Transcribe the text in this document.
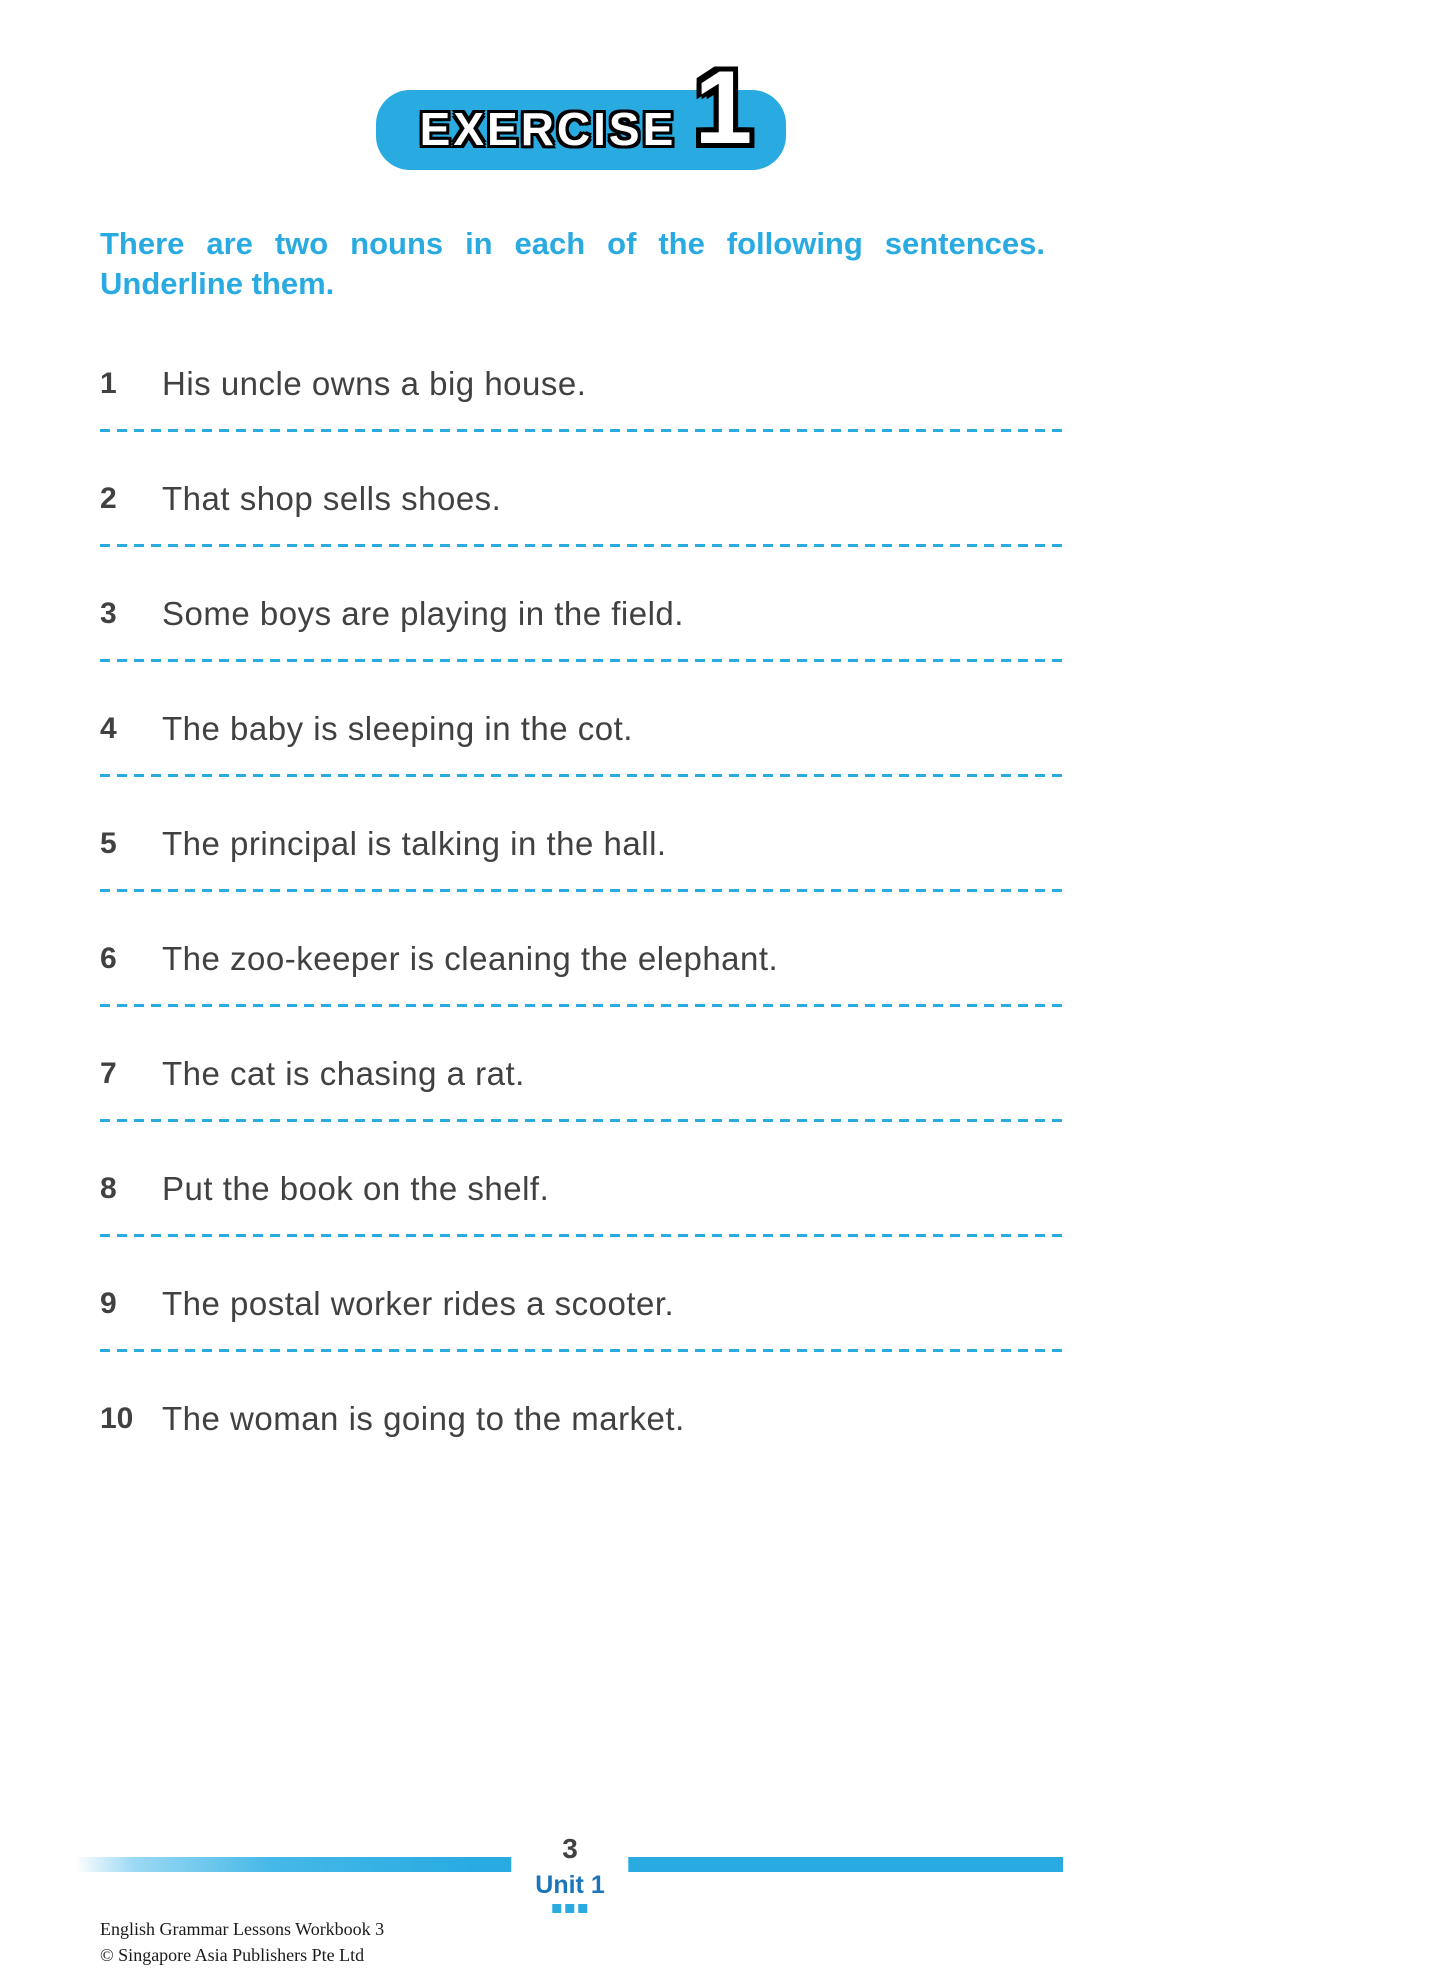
EXERCISE 1
There are two nouns in each of the following sentences.
Underline them.
1	His uncle owns a big house.
2	That shop sells shoes.
3	Some boys are playing in the field.
4	The baby is sleeping in the cot.
5	The principal is talking in the hall.
6	The zoo-keeper is cleaning the elephant.
7	The cat is chasing a rat.
8	Put the book on the shelf.
9	The postal worker rides a scooter.
10 The woman is going to the market.
3
Unit 1
English Grammar Lessons Workbook 3
© Singapore Asia Publishers Pte Ltd
